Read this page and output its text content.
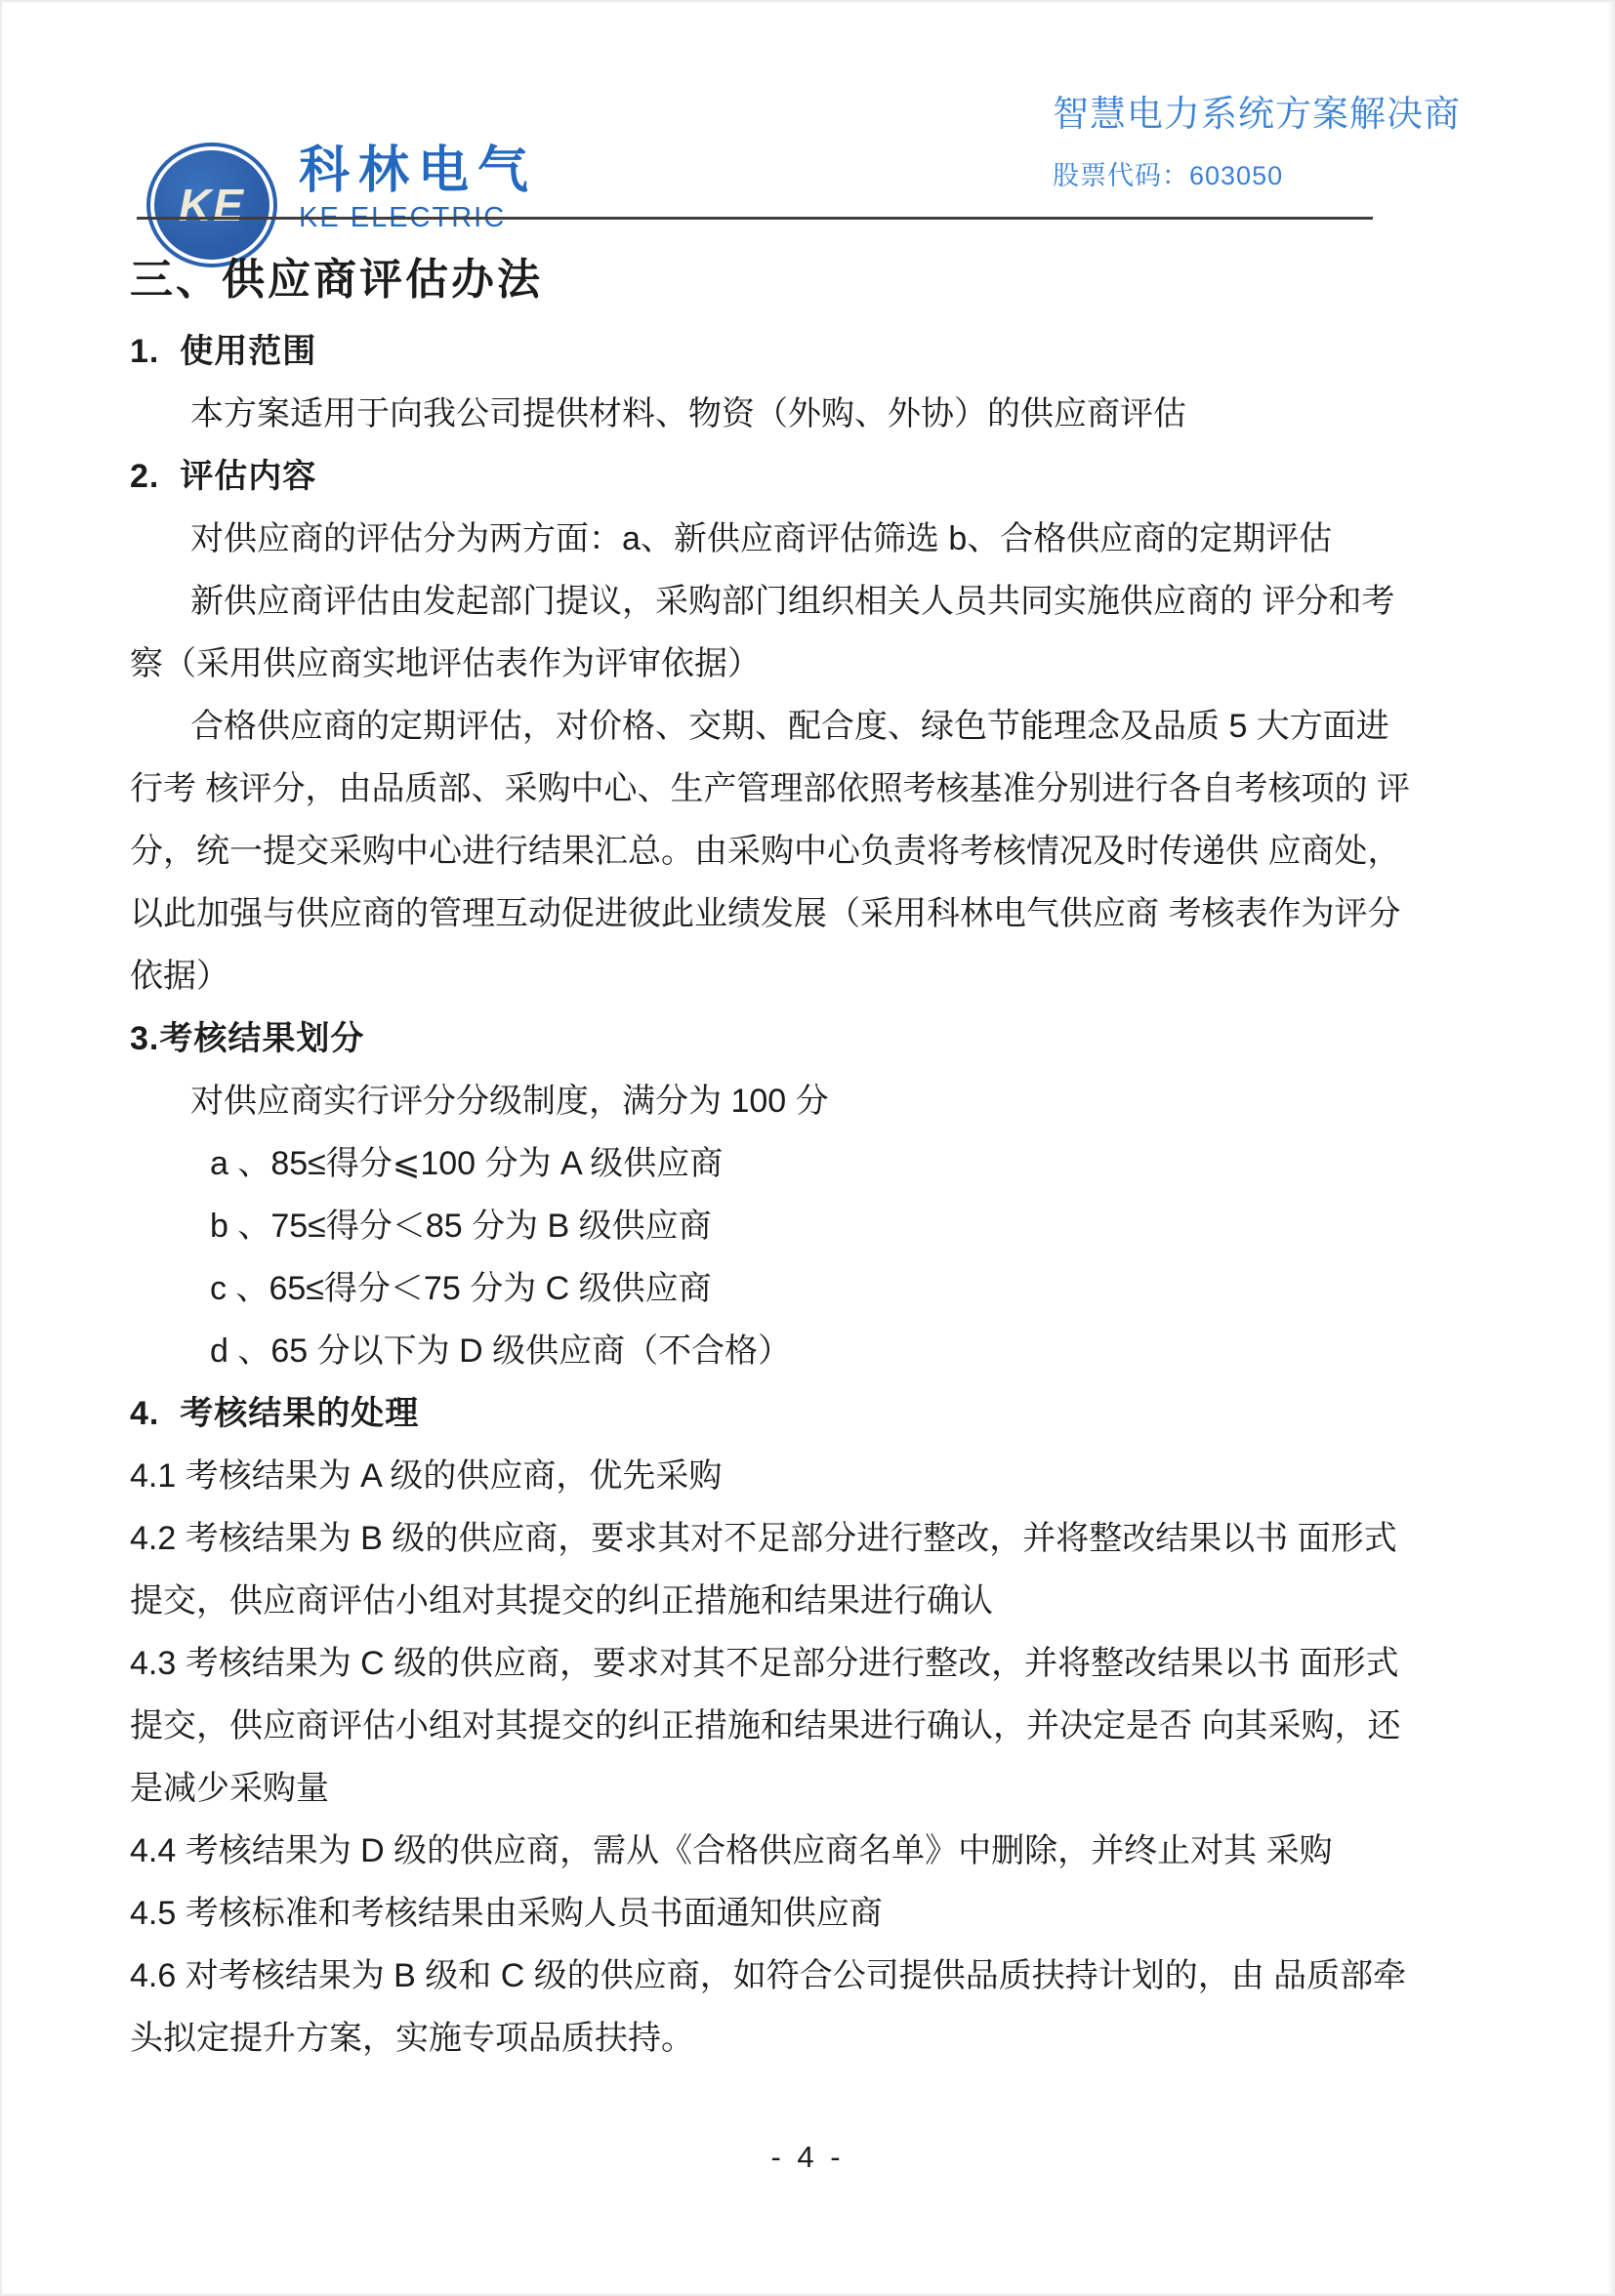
KE
科林电气
KE ELECTRIC
智慧电力系统方案解决商
股票代码：603050
三、供应商评估办法
1.  使用范围
本方案适用于向我公司提供材料、物资（外购、外协）的供应商评估
2.  评估内容
对供应商的评估分为两方面：a、新供应商评估筛选 b、合格供应商的定期评估
新供应商评估由发起部门提议，采购部门组织相关人员共同实施供应商的 评分和考
察（采用供应商实地评估表作为评审依据）
合格供应商的定期评估，对价格、交期、配合度、绿色节能理念及品质 5 大方面进
行考 核评分，由品质部、采购中心、生产管理部依照考核基准分别进行各自考核项的 评
分，统一提交采购中心进行结果汇总。由采购中心负责将考核情况及时传递供 应商处，
以此加强与供应商的管理互动促进彼此业绩发展（采用科林电气供应商 考核表作为评分
依据）
3.考核结果划分
对供应商实行评分分级制度，满分为 100 分
a 、85≤得分⩽100 分为 A 级供应商
b 、75≤得分＜85 分为 B 级供应商
c 、65≤得分＜75 分为 C 级供应商
d 、65 分以下为 D 级供应商（不合格）
4.  考核结果的处理
4.1 考核结果为 A 级的供应商，优先采购
4.2 考核结果为 B 级的供应商，要求其对不足部分进行整改，并将整改结果以书 面形式
提交，供应商评估小组对其提交的纠正措施和结果进行确认
4.3 考核结果为 C 级的供应商，要求对其不足部分进行整改，并将整改结果以书 面形式
提交，供应商评估小组对其提交的纠正措施和结果进行确认，并决定是否 向其采购，还
是减少采购量
4.4 考核结果为 D 级的供应商，需从《合格供应商名单》中删除，并终止对其 采购
4.5 考核标准和考核结果由采购人员书面通知供应商
4.6 对考核结果为 B 级和 C 级的供应商，如符合公司提供品质扶持计划的，由 品质部牵
头拟定提升方案，实施专项品质扶持。
- 4 -
